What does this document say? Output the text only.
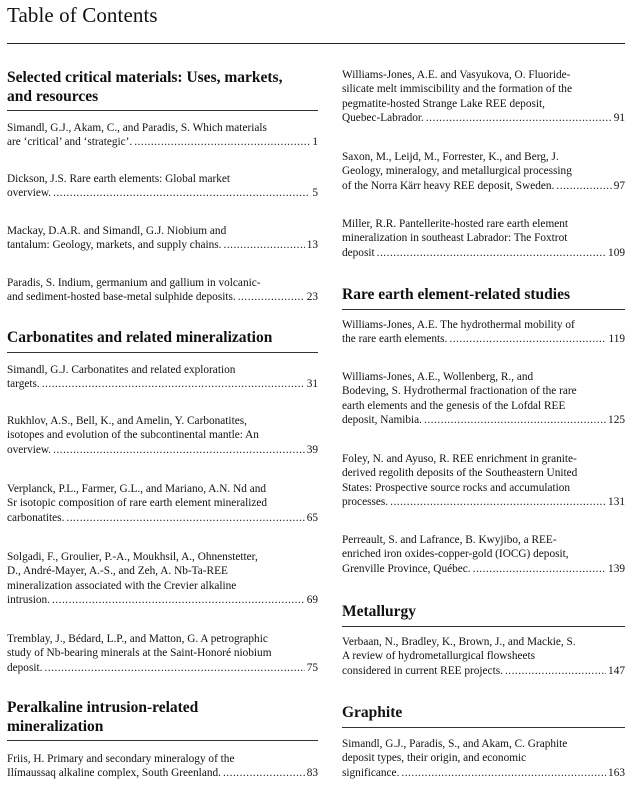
Table of Contents
Selected critical materials: Uses, markets,
and resources
Simandl, G.J., Akam, C., and Paradis, S. Which materials
are ‘critical’ and ‘strategic’. .....	1
Dickson, J.S. Rare earth elements: Global market
overview. .....	5
Mackay, D.A.R. and Simandl, G.J. Niobium and
tantalum: Geology, markets, and supply chains. .....	13
Paradis, S. Indium, germanium and gallium in volcanic-
and sediment-hosted base-metal sulphide deposits. .....	23
Carbonatites and related mineralization
Simandl, G.J. Carbonatites and related exploration
targets. .....	31
Rukhlov, A.S., Bell, K., and Amelin, Y. Carbonatites,
isotopes and evolution of the subcontinental mantle: An
overview. .....	39
Verplanck, P.L., Farmer, G.L., and Mariano, A.N. Nd and
Sr isotopic composition of rare earth element mineralized
carbonatites. .....	65
Solgadi, F., Groulier, P.-A., Moukhsil, A., Ohnenstetter,
D., André-Mayer, A.-S., and Zeh, A. Nb-Ta-REE
mineralization associated with the Crevier alkaline
intrusion. .....	69
Tremblay, J., Bédard, L.P., and Matton, G. A petrographic
study of Nb-bearing minerals at the Saint-Honoré niobium
deposit. .....	75
Peralkaline intrusion-related
mineralization
Friis, H. Primary and secondary mineralogy of the
Ilímaussaq alkaline complex, South Greenland. .....	83
Williams-Jones, A.E. and Vasyukova, O. Fluoride-
silicate melt immiscibility and the formation of the
pegmatite-hosted Strange Lake REE deposit,
Quebec-Labrador. .....	91
Saxon, M., Leijd, M., Forrester, K., and Berg, J.
Geology, mineralogy, and metallurgical processing
of the Norra Kärr heavy REE deposit, Sweden. .....	97
Miller, R.R. Pantellerite-hosted rare earth element
mineralization in southeast Labrador: The Foxtrot
deposit .....	109
Rare earth element-related studies
Williams-Jones, A.E. The hydrothermal mobility of
the rare earth elements. .....	119
Williams-Jones, A.E., Wollenberg, R., and
Bodeving, S. Hydrothermal fractionation of the rare
earth elements and the genesis of the Lofdal REE
deposit, Namibia. .....	125
Foley, N. and Ayuso, R. REE enrichment in granite-
derived regolith deposits of the Southeastern United
States: Prospective source rocks and accumulation
processes. .....	131
Perreault, S. and Lafrance, B. Kwyjibo, a REE-
enriched iron oxides-copper-gold (IOCG) deposit,
Grenville Province, Québec. .....	139
Metallurgy
Verbaan, N., Bradley, K., Brown, J., and Mackie, S.
A review of hydrometallurgical flowsheets
considered in current REE projects. .....	147
Graphite
Simandl, G.J., Paradis, S., and Akam, C. Graphite
deposit types, their origin, and economic
significance. .....	163
